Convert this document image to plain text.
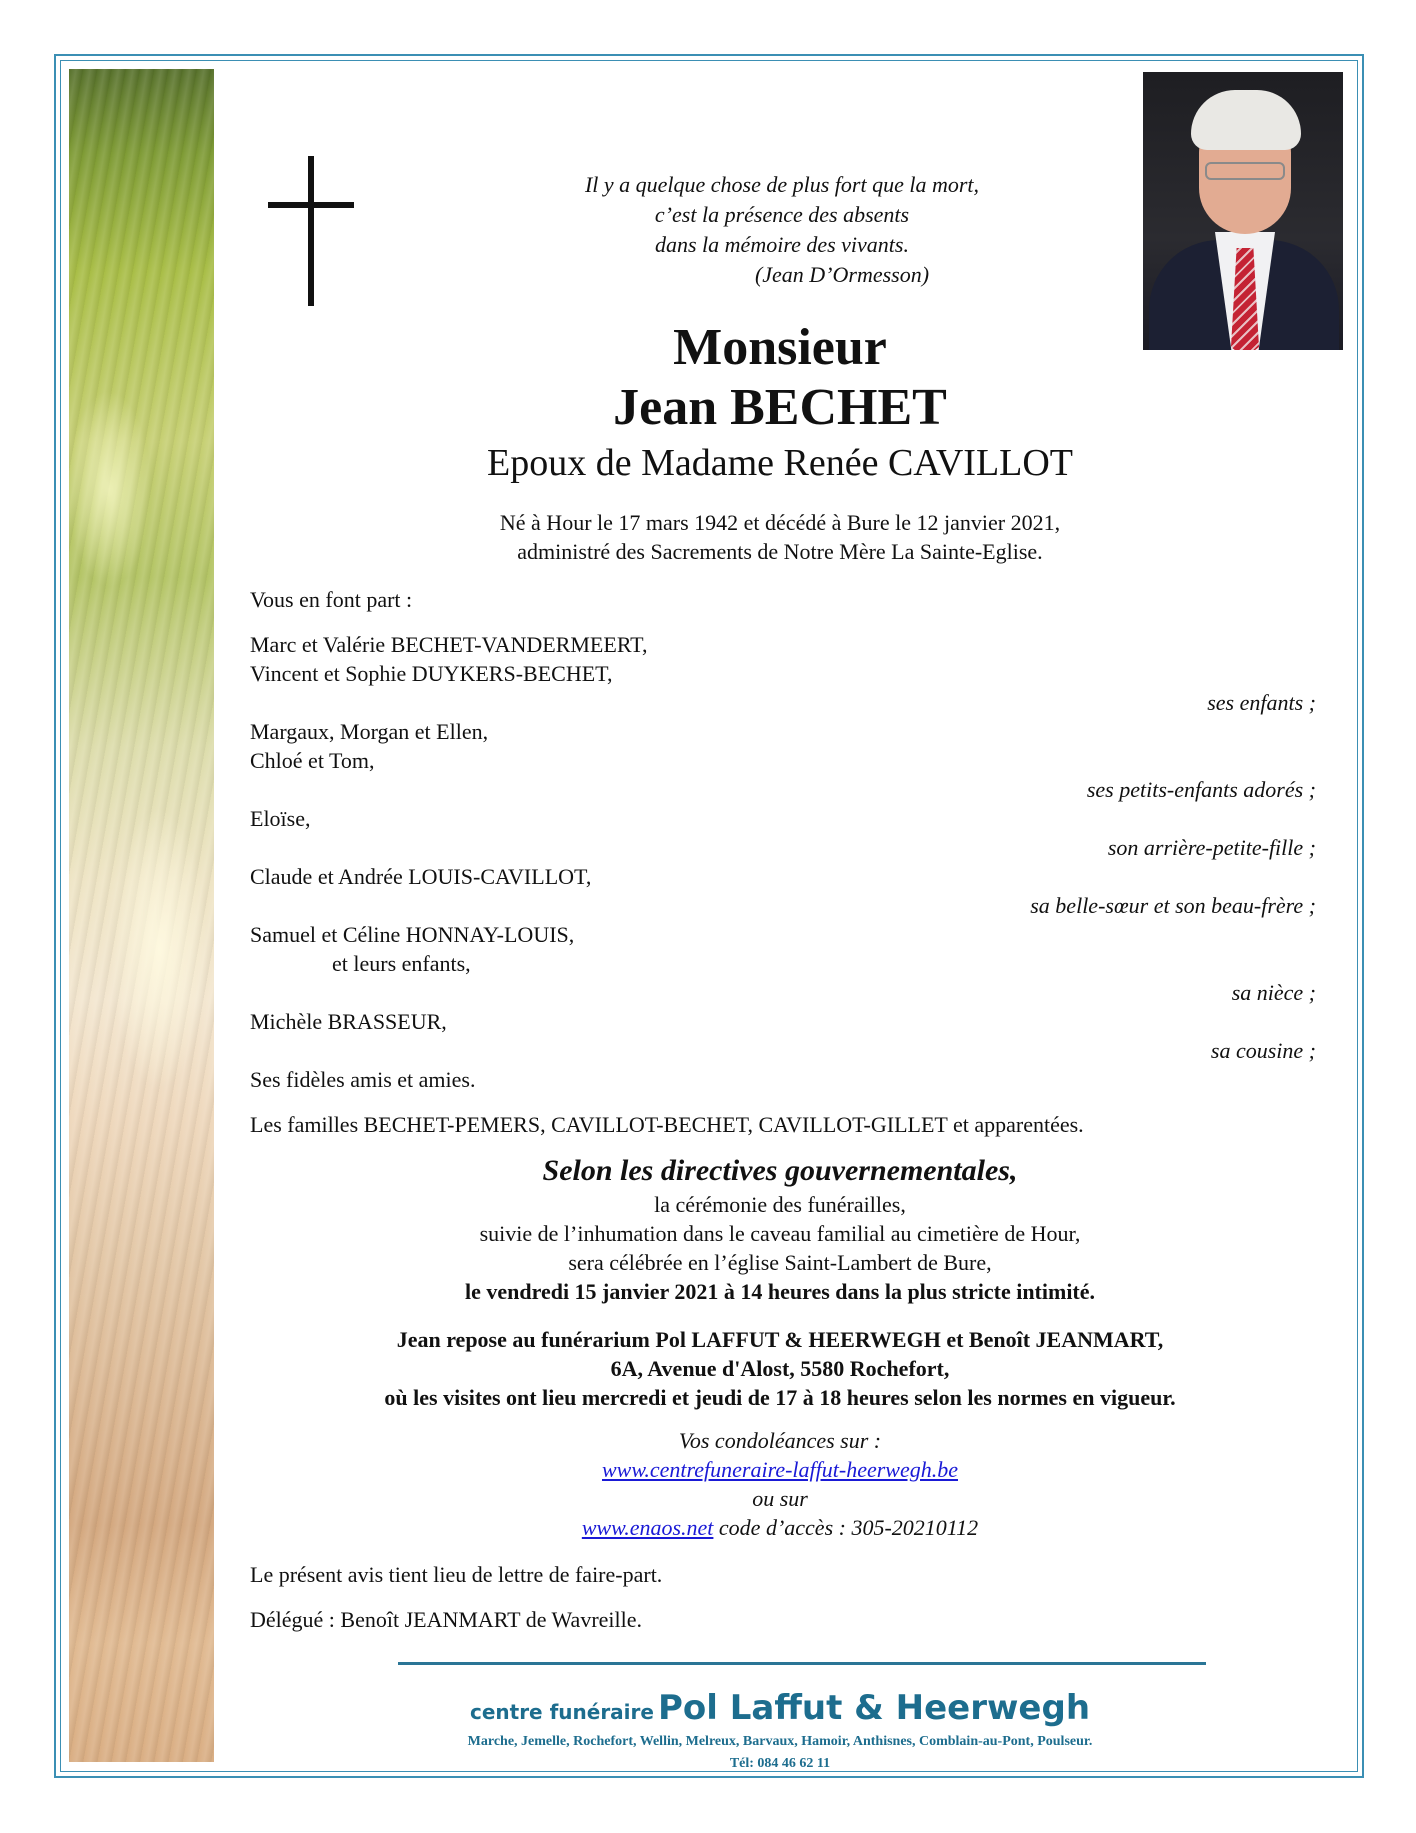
Il y a quelque chose de plus fort que la mort,
c’est la présence des absents
dans la mémoire des vivants.
(Jean D’Ormesson)
Monsieur
Jean BECHET
Epoux de Madame Renée CAVILLOT
Né à Hour le 17 mars 1942 et décédé à Bure le 12 janvier 2021,
administré des Sacrements de Notre Mère La Sainte-Eglise.
Vous en font part :
Marc et Valérie BECHET-VANDERMEERT,
Vincent et Sophie DUYKERS-BECHET,
ses enfants ;
Margaux, Morgan et Ellen,
Chloé et Tom,
ses petits-enfants adorés ;
Eloïse,
son arrière-petite-fille ;
Claude et Andrée LOUIS-CAVILLOT,
sa belle-sœur et son beau-frère ;
Samuel et Céline HONNAY-LOUIS,
et leurs enfants,
sa nièce ;
Michèle BRASSEUR,
sa cousine ;
Ses fidèles amis et amies.
Les familles BECHET-PEMERS, CAVILLOT-BECHET, CAVILLOT-GILLET et apparentées.
Selon les directives gouvernementales,
la cérémonie des funérailles,
suivie de l’inhumation dans le caveau familial au cimetière de Hour,
sera célébrée en l’église Saint-Lambert de Bure,
le vendredi 15 janvier 2021 à 14 heures dans la plus stricte intimité.
Jean repose au funérarium Pol LAFFUT & HEERWEGH et Benoît JEANMART,
6A, Avenue d'Alost, 5580 Rochefort,
où les visites ont lieu mercredi et jeudi de 17 à 18 heures selon les normes en vigueur.
Vos condoléances sur :
www.centrefuneraire-laffut-heerwegh.be
ou sur
www.enaos.net code d’accès : 305-20210112
Le présent avis tient lieu de lettre de faire-part.
Délégué : Benoît JEANMART de Wavreille.
centre funéraire Pol Laffut & Heerwegh
Marche, Jemelle, Rochefort, Wellin, Melreux, Barvaux, Hamoir, Anthisnes, Comblain-au-Pont, Poulseur.
Tél: 084 46 62 11
